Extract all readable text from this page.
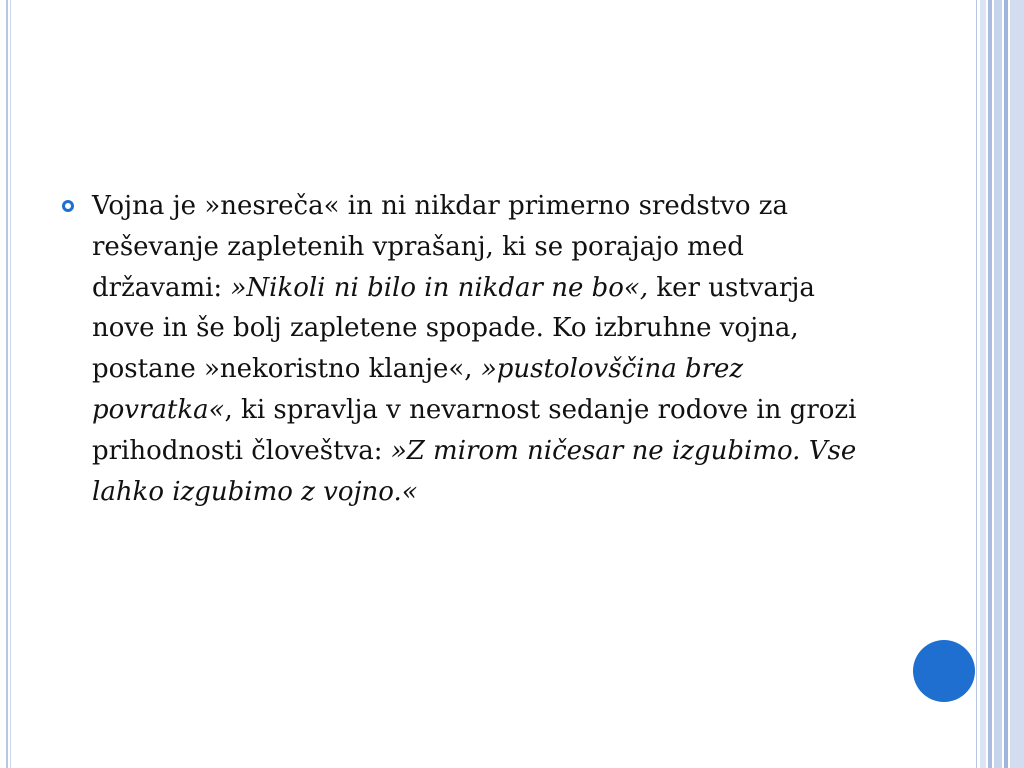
Vojna je »nesreča« in ni nikdar primerno sredstvo za reševanje zapletenih vprašanj, ki se porajajo med državami: »Nikoli ni bilo in nikdar ne bo«, ker ustvarja nove in še bolj zapletene spopade. Ko izbruhne vojna, postane »nekoristno klanje«, »pustolovščina brez povratka«, ki spravlja v nevarnost sedanje rodove in grozi prihodnosti človeštva: »Z mirom ničesar ne izgubimo. Vse lahko izgubimo z vojno.«
